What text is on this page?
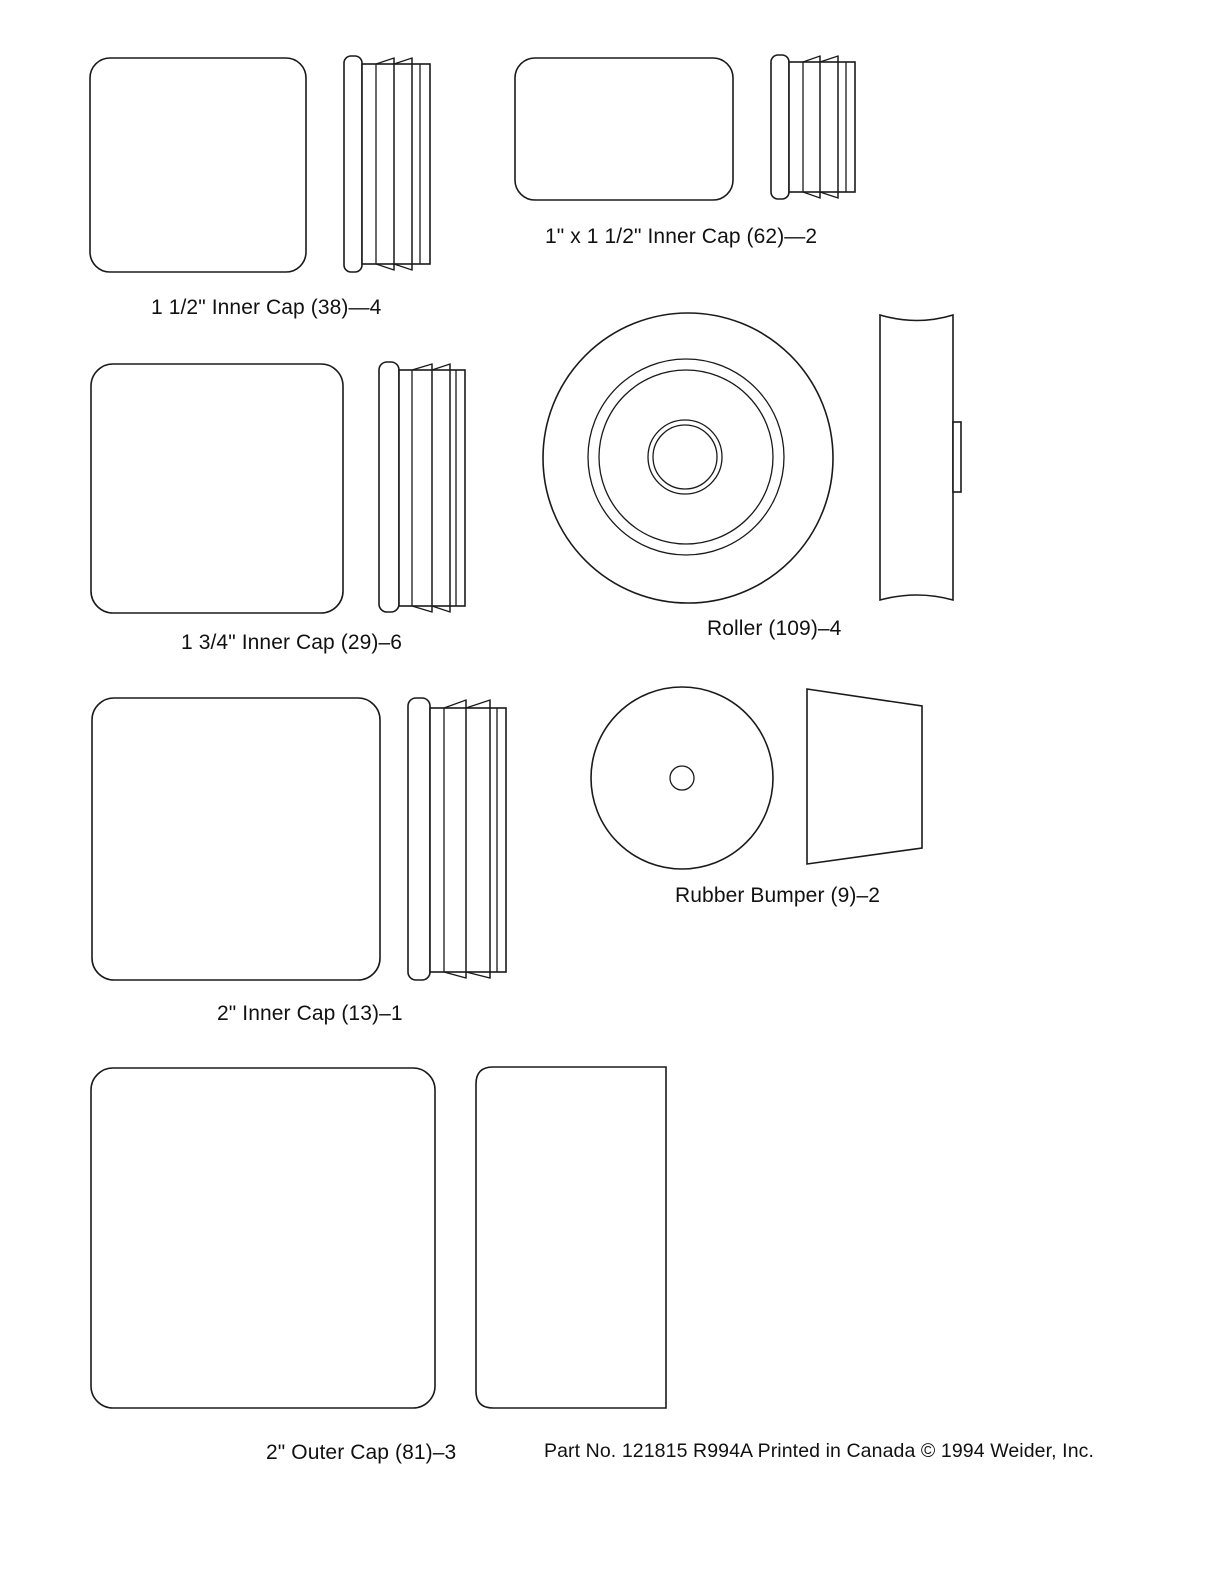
1" x 1 1/2" Inner Cap (62)—2
1 1/2" Inner Cap (38)—4
Roller (109)–4
1 3/4" Inner Cap (29)–6
Rubber Bumper (9)–2
2" Inner Cap (13)–1
2" Outer Cap (81)–3	Part No. 121815 R994A Printed in Canada © 1994 Weider, Inc.
